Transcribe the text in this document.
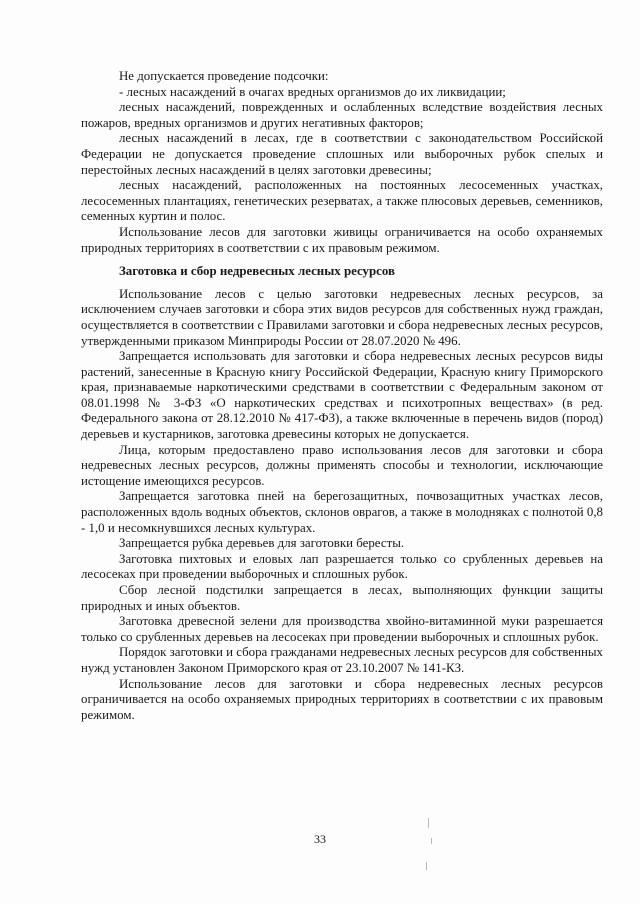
Не допускается проведение подсочки:

- лесных насаждений в очагах вредных организмов до их ликвидации;

лесных насаждений, поврежденных и ослабленных вследствие воздействия лесных пожаров, вредных организмов и других негативных факторов;

лесных насаждений в лесах, где в соответствии с законодательством Российской Федерации не допускается проведение сплошных или выборочных рубок спелых и перестойных лесных насаждений в целях заготовки древесины;

лесных насаждений, расположенных на постоянных лесосеменных участках, лесосеменных плантациях, генетических резерватах, а также плюсовых деревьев, семенников, семенных куртин и полос.

Использование лесов для заготовки живицы ограничивается на особо охраняемых природных территориях в соответствии с их правовым режимом.

Заготовка и сбор недревесных лесных ресурсов

Использование лесов с целью заготовки недревесных лесных ресурсов, за исключением случаев заготовки и сбора этих видов ресурсов для собственных нужд граждан, осуществляется в соответствии с Правилами заготовки и сбора недревесных лесных ресурсов, утвержденными приказом Минприроды России от 28.07.2020 № 496.

Запрещается использовать для заготовки и сбора недревесных лесных ресурсов виды растений, занесенные в Красную книгу Российской Федерации, Красную книгу Приморского края, признаваемые наркотическими средствами в соответствии с Федеральным законом от 08.01.1998 № 3-ФЗ «О наркотических средствах и психотропных веществах» (в ред. Федерального закона от 28.12.2010 № 417-ФЗ), а также включенные в перечень видов (пород) деревьев и кустарников, заготовка древесины которых не допускается.

Лица, которым предоставлено право использования лесов для заготовки и сбора недревесных лесных ресурсов, должны применять способы и технологии, исключающие истощение имеющихся ресурсов.

Запрещается заготовка пней на берегозащитных, почвозащитных участках лесов, расположенных вдоль водных объектов, склонов оврагов, а также в молодняках с полнотой 0,8 - 1,0 и несомкнувшихся лесных культурах.

Запрещается рубка деревьев для заготовки бересты.

Заготовка пихтовых и еловых лап разрешается только со срубленных деревьев на лесосеках при проведении выборочных и сплошных рубок.

Сбор лесной подстилки запрещается в лесах, выполняющих функции защиты природных и иных объектов.

Заготовка древесной зелени для производства хвойно-витаминной муки разрешается только со срубленных деревьев на лесосеках при проведении выборочных и сплошных рубок.

Порядок заготовки и сбора гражданами недревесных лесных ресурсов для собственных нужд установлен Законом Приморского края от 23.10.2007 № 141-КЗ.

Использование лесов для заготовки и сбора недревесных лесных ресурсов ограничивается на особо охраняемых природных территориях в соответствии с их правовым режимом.

33
